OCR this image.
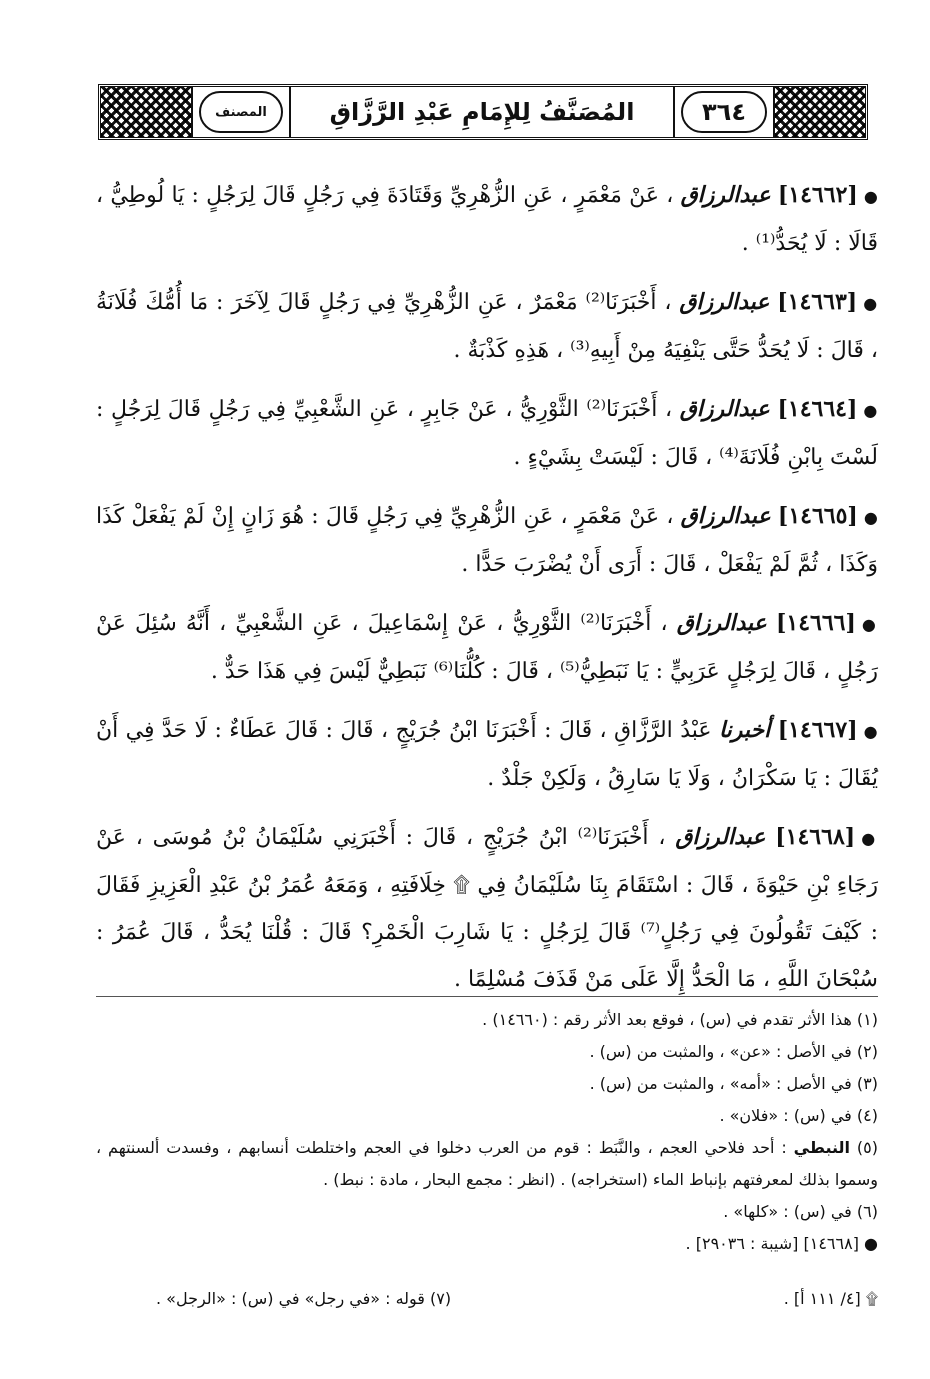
المصنف	المُصَنَّفُ لِلإِمَامِ عَبْدِ الرَّزَّاقِ	٣٦٤

●[١٤٦٦٢] عبدالرزاق ، عَنْ مَعْمَرٍ ، عَنِ الزُّهْرِيِّ وَقَتَادَةَ فِي رَجُلٍ قَالَ لِرَجُلٍ : يَا لُوطِيُّ ، قَالَا : لَا يُحَدُّ⁽¹⁾ .

●[١٤٦٦٣] عبدالرزاق ، أَخْبَرَنَا⁽²⁾ مَعْمَرٌ ، عَنِ الزُّهْرِيِّ فِي رَجُلٍ قَالَ لِآخَرَ : مَا أُمُّكَ فُلَانَةُ ، قَالَ : لَا يُحَدُّ حَتَّى يَنْفِيَهُ مِنْ أَبِيهِ⁽³⁾ ، هَذِهِ كَذْبَةٌ .

●[١٤٦٦٤] عبدالرزاق ، أَخْبَرَنَا⁽²⁾ الثَّوْرِيُّ ، عَنْ جَابِرٍ ، عَنِ الشَّعْبِيِّ فِي رَجُلٍ قَالَ لِرَجُلٍ : لَسْتَ بِابْنِ فُلَانَةَ⁽⁴⁾ ، قَالَ : لَيْسَتْ بِشَيْءٍ .

●[١٤٦٦٥] عبدالرزاق ، عَنْ مَعْمَرٍ ، عَنِ الزُّهْرِيِّ فِي رَجُلٍ قَالَ : هُوَ زَانٍ إِنْ لَمْ يَفْعَلْ كَذَا وَكَذَا ، ثُمَّ لَمْ يَفْعَلْ ، قَالَ : أَرَى أَنْ يُضْرَبَ حَدًّا .

●[١٤٦٦٦] عبدالرزاق ، أَخْبَرَنَا⁽²⁾ الثَّوْرِيُّ ، عَنْ إِسْمَاعِيلَ ، عَنِ الشَّعْبِيِّ ، أَنَّهُ سُئِلَ عَنْ رَجُلٍ ، قَالَ لِرَجُلٍ عَرَبِيٍّ : يَا نَبَطِيُّ⁽⁵⁾ ، قَالَ : كُلُّنَا⁽⁶⁾ نَبَطِيٌّ لَيْسَ فِي هَذَا حَدٌّ .

●[١٤٦٦٧] أخبرنا عَبْدُ الرَّزَّاقِ ، قَالَ : أَخْبَرَنَا ابْنُ جُرَيْجٍ ، قَالَ : قَالَ عَطَاءٌ : لَا حَدَّ فِي أَنْ يُقَالَ : يَا سَكْرَانُ ، وَلَا يَا سَارِقُ ، وَلَكِنْ جَلْدٌ .

●[١٤٦٦٨] عبدالرزاق ، أَخْبَرَنَا⁽²⁾ ابْنُ جُرَيْجٍ ، قَالَ : أَخْبَرَنِي سُلَيْمَانُ بْنُ مُوسَى ، عَنْ رَجَاءِ بْنِ حَيْوَةَ ، قَالَ : اسْتَقَامَ بِنَا سُلَيْمَانُ فِي ۩ خِلَافَتِهِ ، وَمَعَهُ عُمَرُ بْنُ عَبْدِ الْعَزِيزِ فَقَالَ : كَيْفَ تَقُولُونَ فِي رَجُلٍ⁽⁷⁾ قَالَ لِرَجُلٍ : يَا شَارِبَ الْخَمْرِ؟ قَالَ : قُلْنَا يُحَدُّ ، قَالَ عُمَرُ : سُبْحَانَ اللَّهِ ، مَا الْحَدُّ إِلَّا عَلَى مَنْ قَذَفَ مُسْلِمًا .

(١) هذا الأثر تقدم في (س) ، فوقع بعد الأثر رقم : (١٤٦٦٠) .

(٢) في الأصل : «عن» ، والمثبت من (س) .

(٣) في الأصل : «أمه» ، والمثبت من (س) .

(٤) في (س) : «فلان» .

(٥) النبطي : أحد فلاحي العجم ، والنَّبَط : قوم من العرب دخلوا في العجم واختلطت أنسابهم ، وفسدت ألسنتهم ، وسموا بذلك لمعرفتهم بإنباط الماء (استخراجه) . (انظر : مجمع البحار ، مادة : نبط) .

(٦) في (س) : «كلها» .

● [١٤٦٦٨] [شيبة : ٢٩٠٣٦] .

۩ [٤/ ١١١ أ] .
(٧) قوله : «في رجل» في (س) : «الرجل» .
